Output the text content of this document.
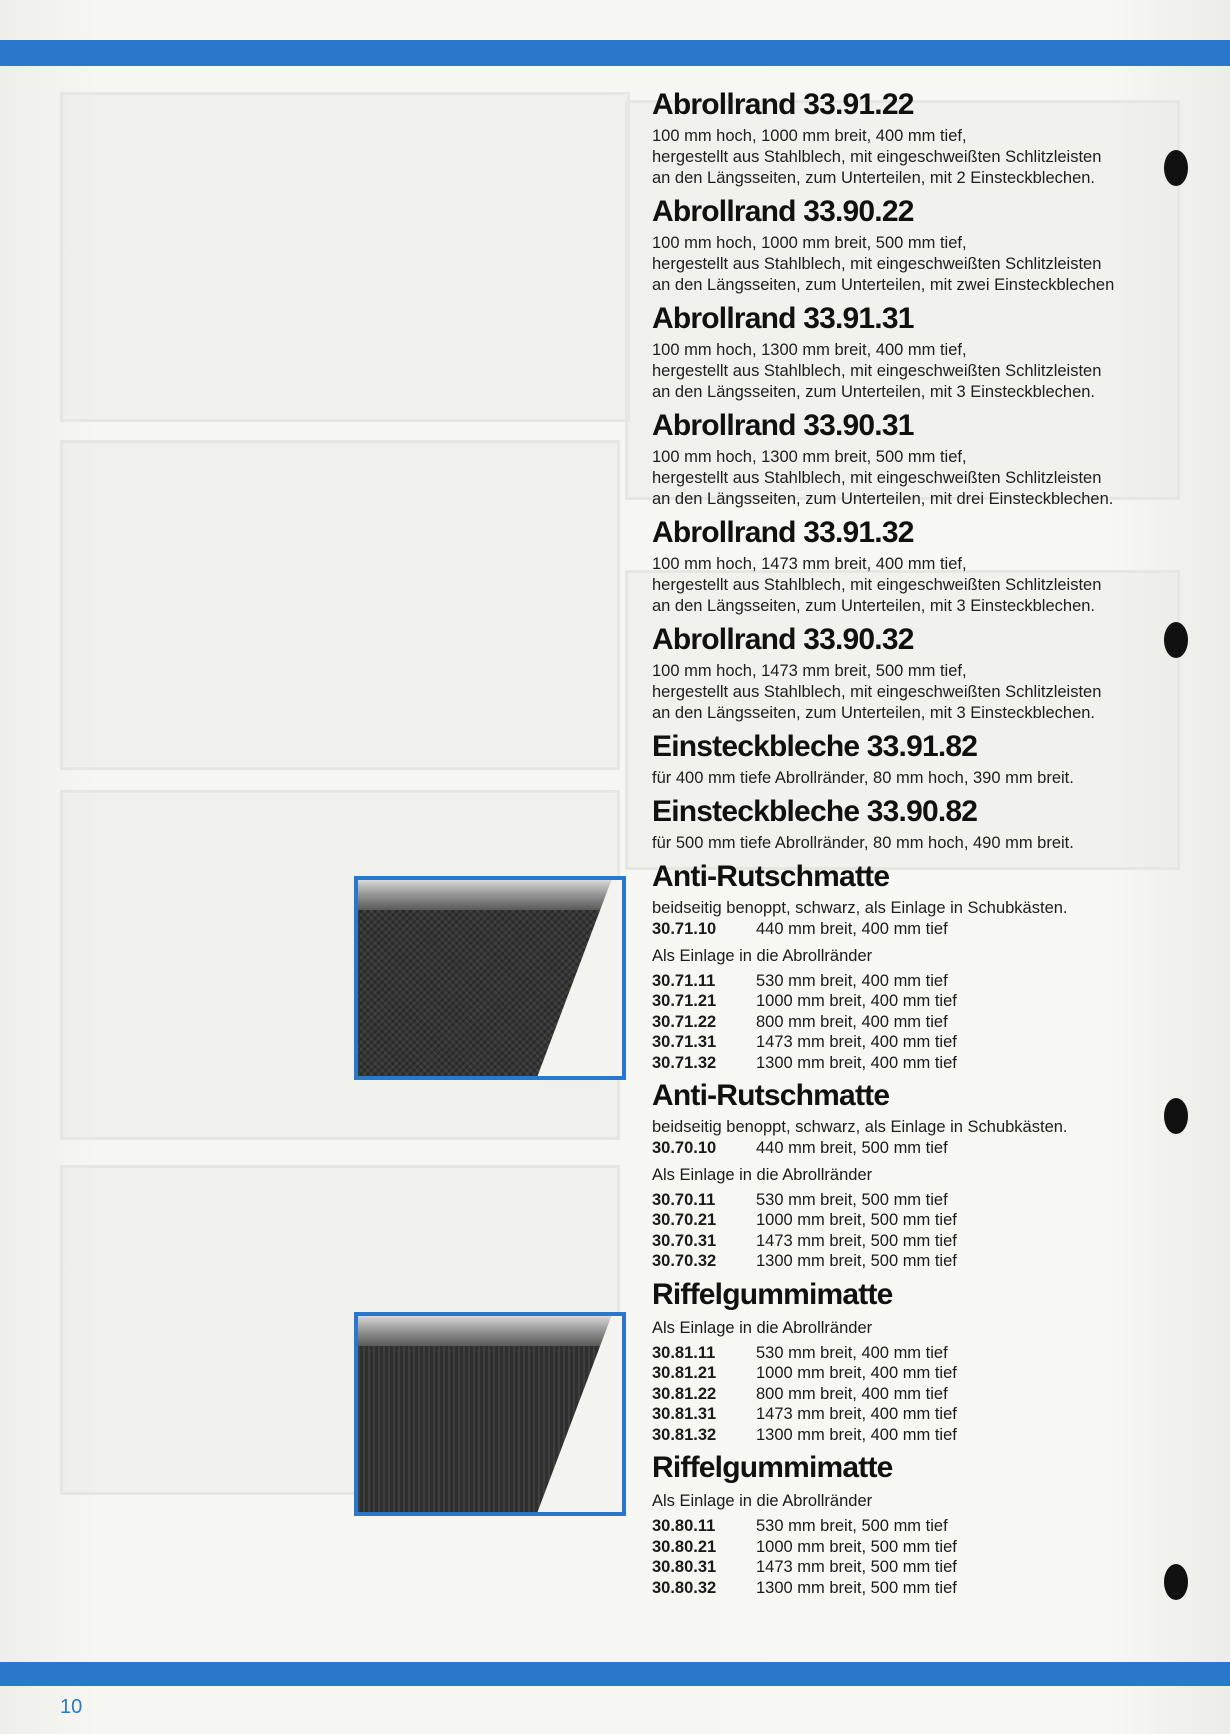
Abrollrand 33.91.22
100 mm hoch, 1000 mm breit, 400 mm tief,
hergestellt aus Stahlblech, mit eingeschweißten Schlitzleisten
an den Längsseiten, zum Unterteilen, mit 2 Einsteckblechen.
Abrollrand 33.90.22
100 mm hoch, 1000 mm breit, 500 mm tief,
hergestellt aus Stahlblech, mit eingeschweißten Schlitzleisten
an den Längsseiten, zum Unterteilen, mit zwei Einsteckblechen
Abrollrand 33.91.31
100 mm hoch, 1300 mm breit, 400 mm tief,
hergestellt aus Stahlblech, mit eingeschweißten Schlitzleisten
an den Längsseiten, zum Unterteilen, mit 3 Einsteckblechen.
Abrollrand 33.90.31
100 mm hoch, 1300 mm breit, 500 mm tief,
hergestellt aus Stahlblech, mit eingeschweißten Schlitzleisten
an den Längsseiten, zum Unterteilen, mit drei Einsteckblechen.
Abrollrand 33.91.32
100 mm hoch, 1473 mm breit, 400 mm tief,
hergestellt aus Stahlblech, mit eingeschweißten Schlitzleisten
an den Längsseiten, zum Unterteilen, mit 3 Einsteckblechen.
Abrollrand 33.90.32
100 mm hoch, 1473 mm breit, 500 mm tief,
hergestellt aus Stahlblech, mit eingeschweißten Schlitzleisten
an den Längsseiten, zum Unterteilen, mit 3 Einsteckblechen.
Einsteckbleche 33.91.82
für 400 mm tiefe Abrollränder, 80 mm hoch, 390 mm breit.
Einsteckbleche 33.90.82
für 500 mm tiefe Abrollränder, 80 mm hoch, 490 mm breit.
Anti-Rutschmatte
beidseitig benoppt, schwarz, als Einlage in Schubkästen.
30.71.10	440 mm breit, 400 mm tief
Als Einlage in die Abrollränder
30.71.11	530 mm breit, 400 mm tief
30.71.21	1000 mm breit, 400 mm tief
30.71.22	800 mm breit, 400 mm tief
30.71.31	1473 mm breit, 400 mm tief
30.71.32	1300 mm breit, 400 mm tief
Anti-Rutschmatte
beidseitig benoppt, schwarz, als Einlage in Schubkästen.
30.70.10	440 mm breit, 500 mm tief
Als Einlage in die Abrollränder
30.70.11	530 mm breit, 500 mm tief
30.70.21	1000 mm breit, 500 mm tief
30.70.31	1473 mm breit, 500 mm tief
30.70.32	1300 mm breit, 500 mm tief
Riffelgummimatte
Als Einlage in die Abrollränder
30.81.11	530 mm breit, 400 mm tief
30.81.21	1000 mm breit, 400 mm tief
30.81.22	800 mm breit, 400 mm tief
30.81.31	1473 mm breit, 400 mm tief
30.81.32	1300 mm breit, 400 mm tief
Riffelgummimatte
Als Einlage in die Abrollränder
30.80.11	530 mm breit, 500 mm tief
30.80.21	1000 mm breit, 500 mm tief
30.80.31	1473 mm breit, 500 mm tief
30.80.32	1300 mm breit, 500 mm tief
10
